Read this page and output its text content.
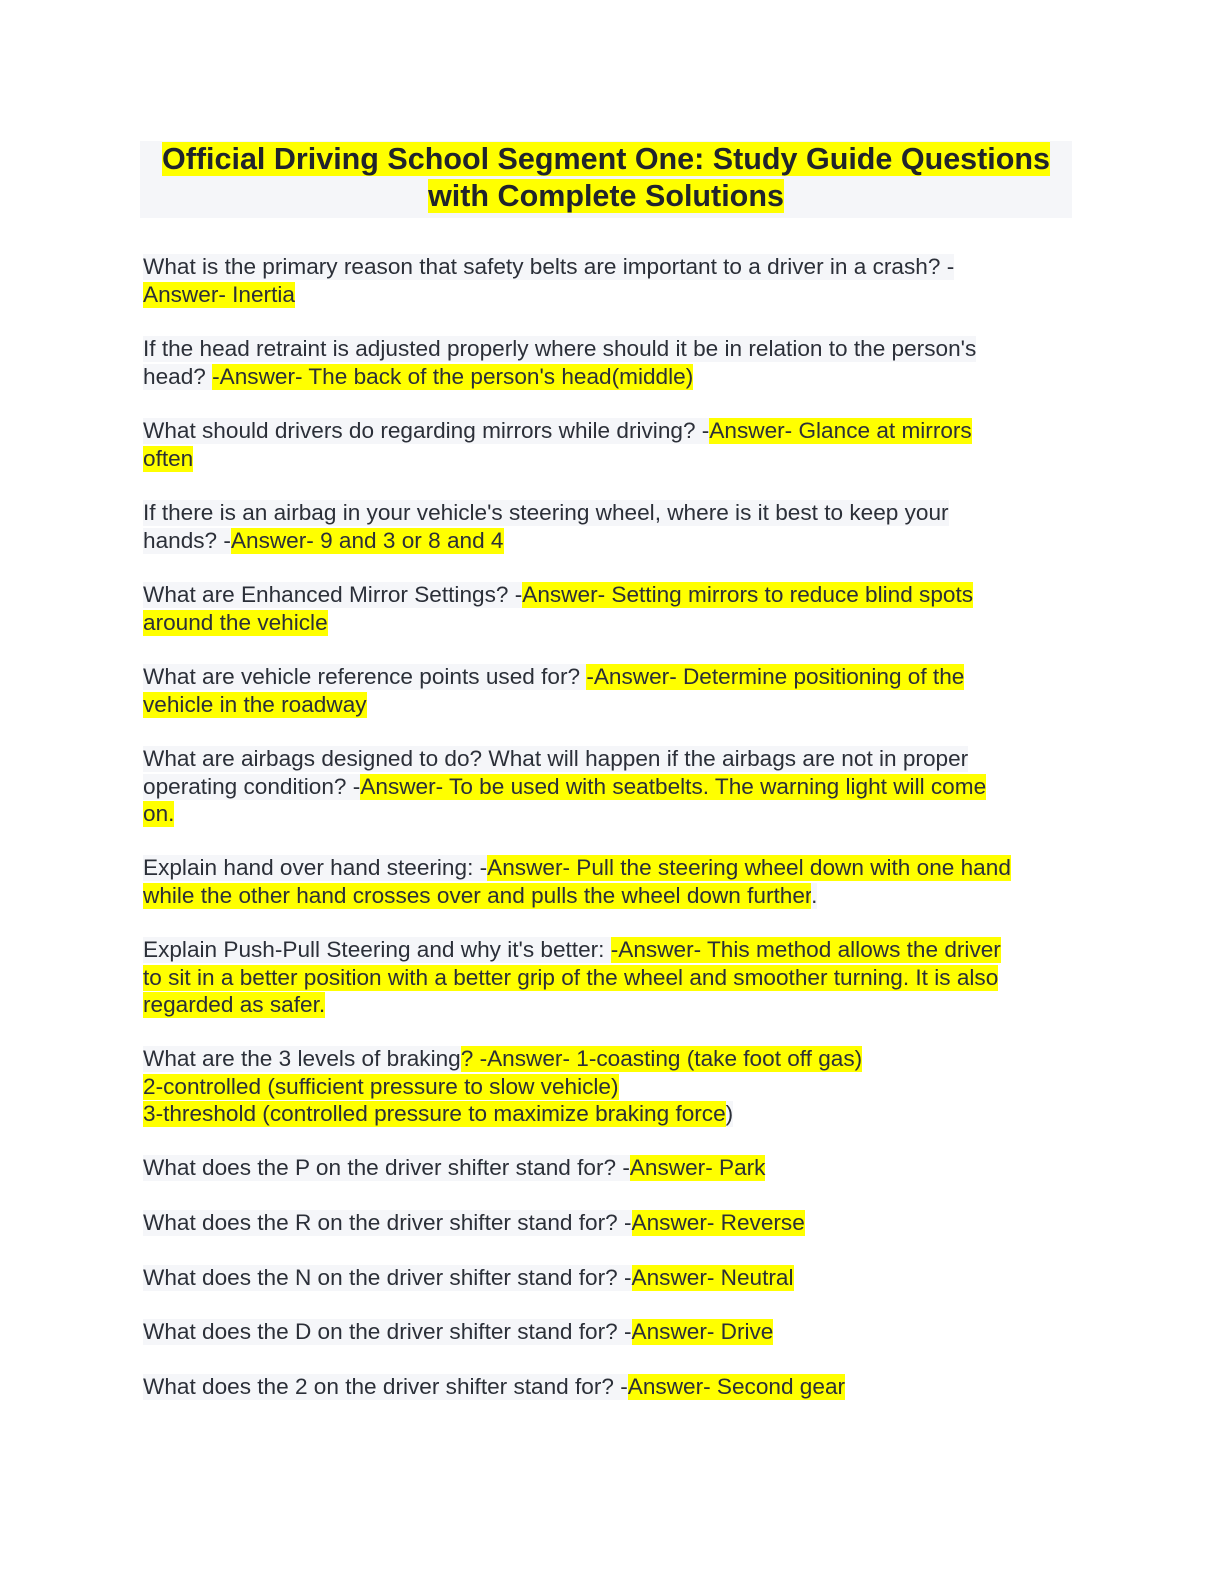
Official Driving School Segment One: Study Guide Questions
with Complete Solutions
What is the primary reason that safety belts are important to a driver in a crash? -
Answer- Inertia
If the head retraint is adjusted properly where should it be in relation to the person's
head? -Answer- The back of the person's head(middle)
What should drivers do regarding mirrors while driving? -Answer- Glance at mirrors
often
If there is an airbag in your vehicle's steering wheel, where is it best to keep your
hands? -Answer- 9 and 3 or 8 and 4
What are Enhanced Mirror Settings? -Answer- Setting mirrors to reduce blind spots
around the vehicle
What are vehicle reference points used for? -Answer- Determine positioning of the
vehicle in the roadway
What are airbags designed to do? What will happen if the airbags are not in proper
operating condition? -Answer- To be used with seatbelts. The warning light will come
on.
Explain hand over hand steering: -Answer- Pull the steering wheel down with one hand
while the other hand crosses over and pulls the wheel down further.
Explain Push-Pull Steering and why it's better: -Answer- This method allows the driver
to sit in a better position with a better grip of the wheel and smoother turning. It is also
regarded as safer.
What are the 3 levels of braking? -Answer- 1-coasting (take foot off gas)
2-controlled (sufficient pressure to slow vehicle)
3-threshold (controlled pressure to maximize braking force)
What does the P on the driver shifter stand for? -Answer- Park
What does the R on the driver shifter stand for? -Answer- Reverse
What does the N on the driver shifter stand for? -Answer- Neutral
What does the D on the driver shifter stand for? -Answer- Drive
What does the 2 on the driver shifter stand for? -Answer- Second gear
